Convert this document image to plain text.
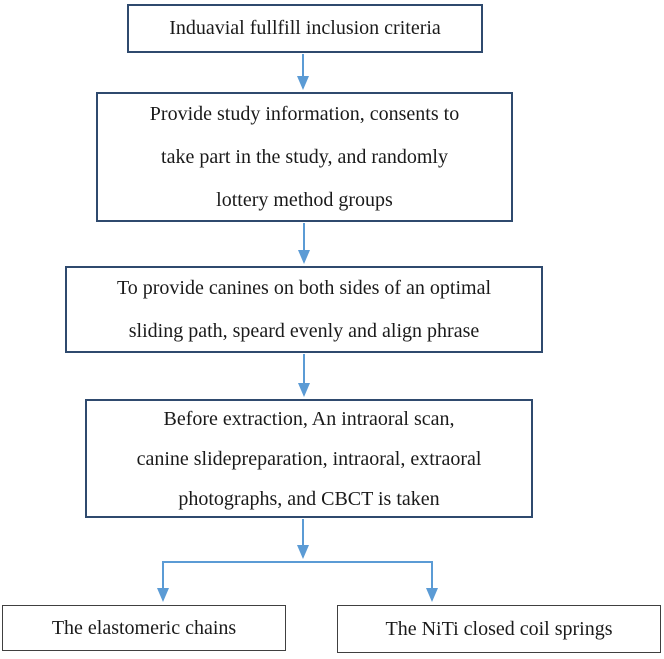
Induavial fullfill inclusion criteria
Provide study information, consents to
take part in the study, and randomly
lottery method groups
To provide canines on both sides of an optimal
sliding path, speard evenly and align phrase
Before extraction, An intraoral scan,
canine slidepreparation, intraoral, extraoral
photographs, and CBCT is taken
The elastomeric chains	The NiTi closed coil springs
